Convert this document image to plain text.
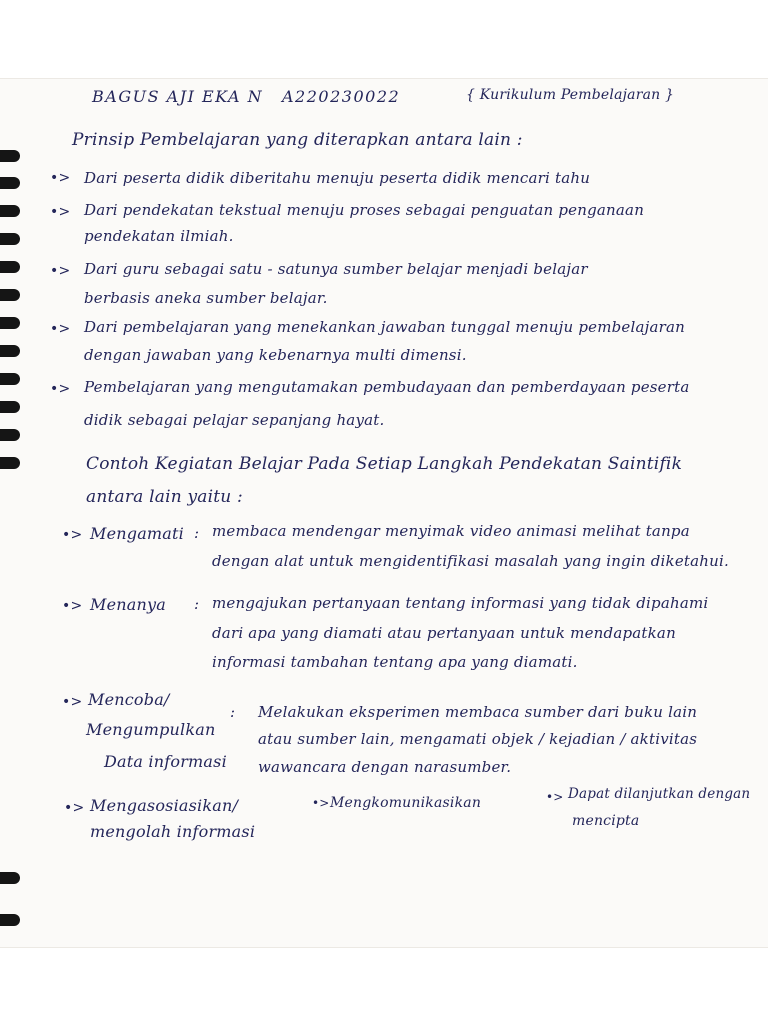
BAGUS AJI EKA N A220230022	{ Kurikulum Pembelajaran }
Prinsip Pembelajaran yang diterapkan antara lain :
•> Dari peserta didik diberitahu menuju peserta didik mencari tahu
•> Dari pendekatan tekstual menuju proses sebagai penguatan penganaan
pendekatan ilmiah.
•> Dari guru sebagai satu - satunya sumber belajar menjadi belajar
berbasis aneka sumber belajar.
•> Dari pembelajaran yang menekankan jawaban tunggal menuju pembelajaran
dengan jawaban yang kebenarnya multi dimensi.
•> Pembelajaran yang mengutamakan pembudayaan dan pemberdayaan peserta
didik sebagai pelajar sepanjang hayat.
Contoh Kegiatan Belajar Pada Setiap Langkah Pendekatan Saintifik
antara lain yaitu :
•> Mengamati : membaca mendengar menyimak video animasi melihat tanpa
dengan alat untuk mengidentifikasi masalah yang ingin diketahui.
•> Menanya : mengajukan pertanyaan tentang informasi yang tidak dipahami
dari apa yang diamati atau pertanyaan untuk mendapatkan
informasi tambahan tentang apa yang diamati.
•> Mencoba/
Mengumpulkan
Data informasi
: Melakukan eksperimen membaca sumber dari buku lain
atau sumber lain, mengamati objek / kejadian / aktivitas
wawancara dengan narasumber.
•> Mengasosiasikan/
mengolah informasi
•> Mengkomunikasikan	•> Dapat dilanjutkan dengan
mencipta
